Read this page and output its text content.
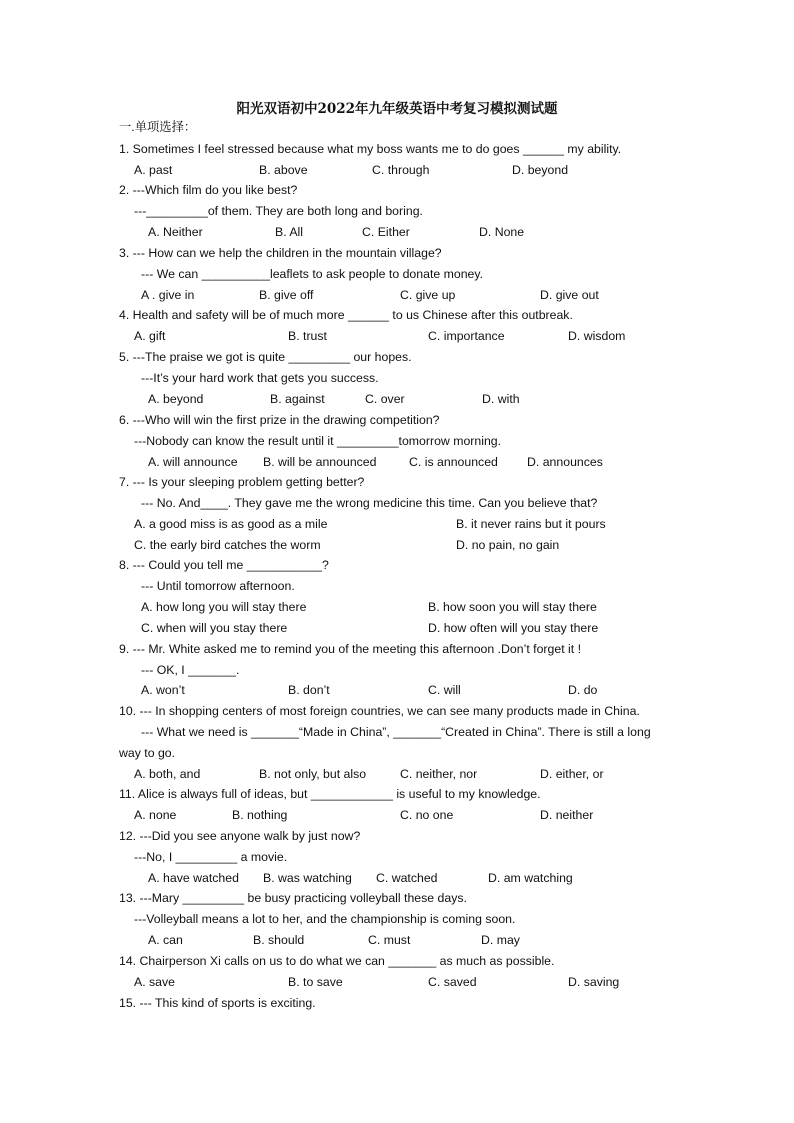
阳光双语初中2022年九年级英语中考复习模拟测试题
一.单项选择：
1. Sometimes I feel stressed because what my boss wants me to do goes ______ my ability.
A. past	B. above	C. through	D. beyond
2. ---Which film do you like best?
---_________of them. They are both long and boring.
A. Neither	B. All	C. Either	D. None
3. --- How can we help the children in the mountain village?
--- We can __________leaflets to ask people to donate money.
A . give in	B. give off	C. give up	D. give out
4. Health and safety will be of much more ______ to us Chinese after this outbreak.
A. gift	B. trust	C. importance	D. wisdom
5. ---The praise we got is quite _________ our hopes.
---It’s your hard work that gets you success.
A. beyond	B. against	C. over	D. with
6. ---Who will win the first prize in the drawing competition?
---Nobody can know the result until it _________tomorrow morning.
A. will announce B. will be announced	C. is announced D. announces
7. --- Is your sleeping problem getting better?
--- No. And____. They gave me the wrong medicine this time. Can you believe that?
A. a good miss is as good as a mile	B. it never rains but it pours
C. the early bird catches the worm	D. no pain, no gain
8. --- Could you tell me ___________?
--- Until tomorrow afternoon.
A. how long you will stay there	B. how soon you will stay there
C. when will you stay there	D. how often will you stay there
9. --- Mr. White asked me to remind you of the meeting this afternoon .Don’t forget it !
--- OK, I _______.
A. won’t	B. don’t	C. will	D. do
10. --- In shopping centers of most foreign countries, we can see many products made in China.
--- What we need is _______“Made in China”, _______“Created in China”. There is still a long
way to go.
A. both, and	B. not only, but also	C. neither, nor	D. either, or
11. Alice is always full of ideas, but ____________ is useful to my knowledge.
A. none	B. nothing	C. no one	D. neither
12. ---Did you see anyone walk by just now?
---No, I _________ a movie.
A. have watched B. was watching C. watched	D. am watching
13. ---Mary _________ be busy practicing volleyball these days.
---Volleyball means a lot to her, and the championship is coming soon.
A. can	B. should	C. must	D. may
14. Chairperson Xi calls on us to do what we can _______ as much as possible.
A. save	B. to save	C. saved	D. saving
15. --- This kind of sports is exciting.
